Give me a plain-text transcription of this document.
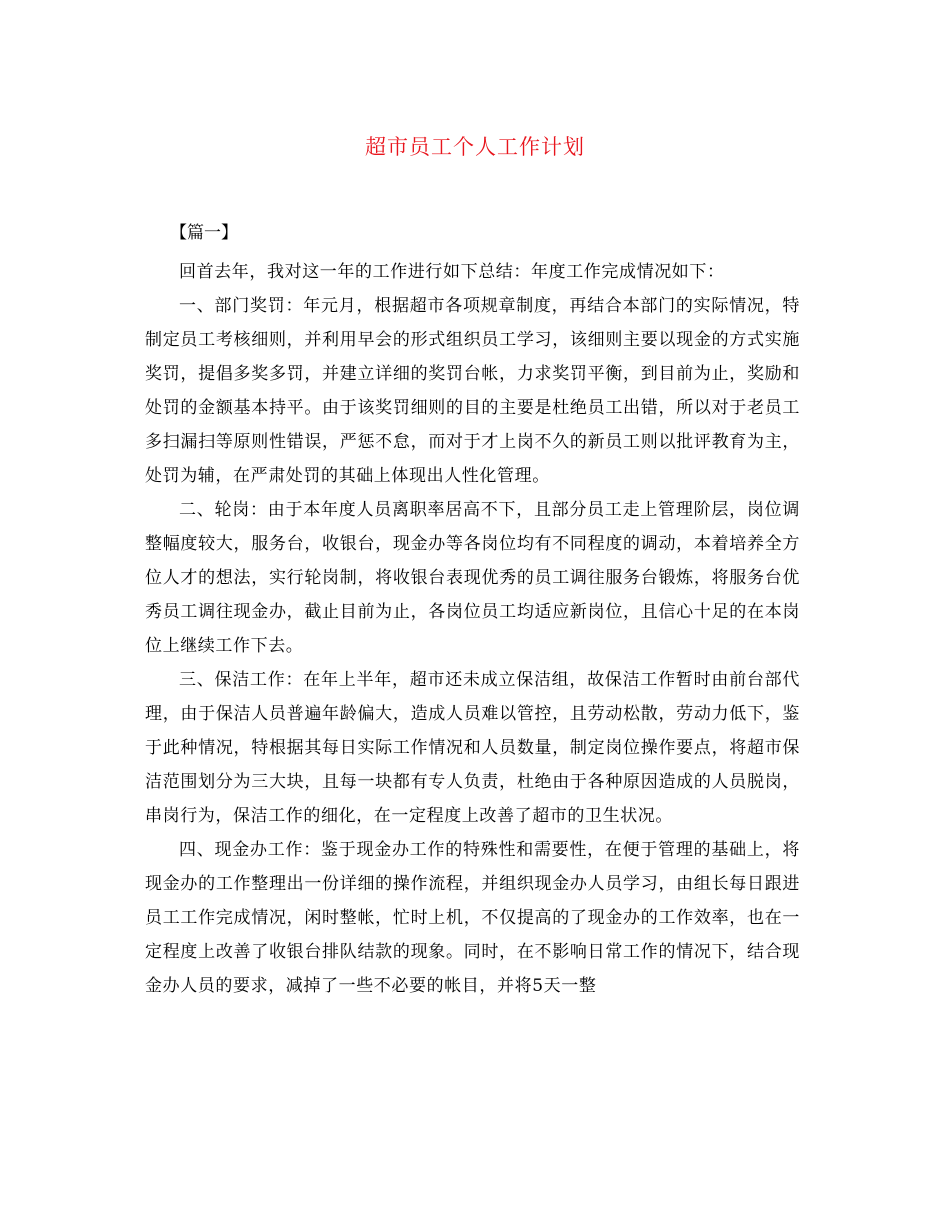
超市员工个人工作计划
【篇一】

回首去年，我对这一年的工作进行如下总结：年度工作完成情况如下：

一、部门奖罚：年元月，根据超市各项规章制度，再结合本部门的实际情况，特制定员工考核细则，并利用早会的形式组织员工学习，该细则主要以现金的方式实施奖罚，提倡多奖多罚，并建立详细的奖罚台帐，力求奖罚平衡，到目前为止，奖励和处罚的金额基本持平。由于该奖罚细则的目的主要是杜绝员工出错，所以对于老员工多扫漏扫等原则性错误，严惩不怠，而对于才上岗不久的新员工则以批评教育为主，处罚为辅，在严肃处罚的其础上体现出人性化管理。

二、轮岗：由于本年度人员离职率居高不下，且部分员工走上管理阶层，岗位调整幅度较大，服务台，收银台，现金办等各岗位均有不同程度的调动，本着培养全方位人才的想法，实行轮岗制，将收银台表现优秀的员工调往服务台锻炼，将服务台优秀员工调往现金办，截止目前为止，各岗位员工均适应新岗位，且信心十足的在本岗位上继续工作下去。

三、保洁工作：在年上半年，超市还未成立保洁组，故保洁工作暂时由前台部代理，由于保洁人员普遍年龄偏大，造成人员难以管控，且劳动松散，劳动力低下，鉴于此种情况，特根据其每日实际工作情况和人员数量，制定岗位操作要点，将超市保洁范围划分为三大块，且每一块都有专人负责，杜绝由于各种原因造成的人员脱岗，串岗行为，保洁工作的细化，在一定程度上改善了超市的卫生状况。

四、现金办工作：鉴于现金办工作的特殊性和需要性，在便于管理的基础上，将现金办的工作整理出一份详细的操作流程，并组织现金办人员学习，由组长每日跟进员工工作完成情况，闲时整帐，忙时上机，不仅提高的了现金办的工作效率，也在一定程度上改善了收银台排队结款的现象。同时，在不影响日常工作的情况下，结合现金办人员的要求，减掉了一些不必要的帐目，并将5天一整
